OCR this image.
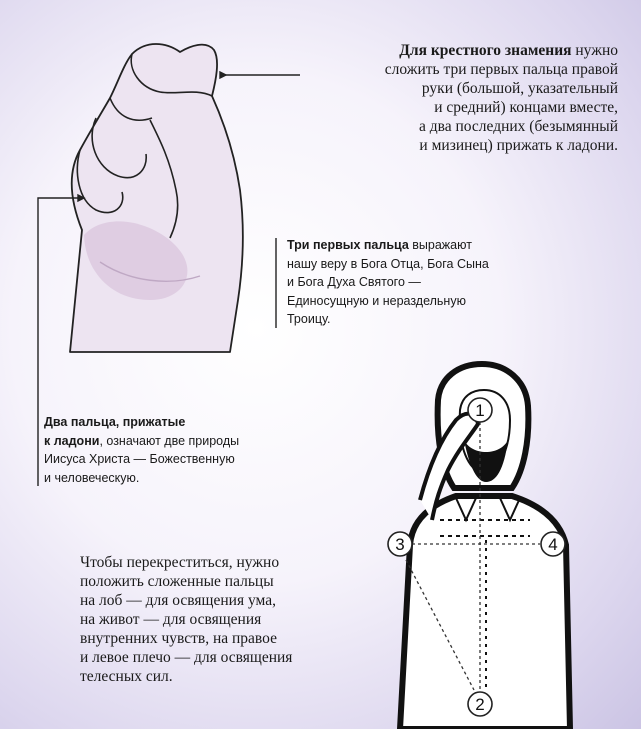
1
2
3	4
Для крестного знамения нужно
сложить три первых пальца правой
руки (большой, указательный
и средний) концами вместе,
а два последних (безымянный
и мизинец) прижать к ладони.
Три первых пальца выражают
нашу веру в Бога Отца, Бога Сына
и Бога Духа Святого —
Единосущную и нераздельную
Троицу.
Два пальца, прижатые
к ладони, означают две природы
Иисуса Христа — Божественную
и человеческую.
Чтобы перекреститься, нужно
положить сложенные пальцы
на лоб — для освящения ума,
на живот — для освящения
внутренних чувств, на правое
и левое плечо — для освящения
телесных сил.
